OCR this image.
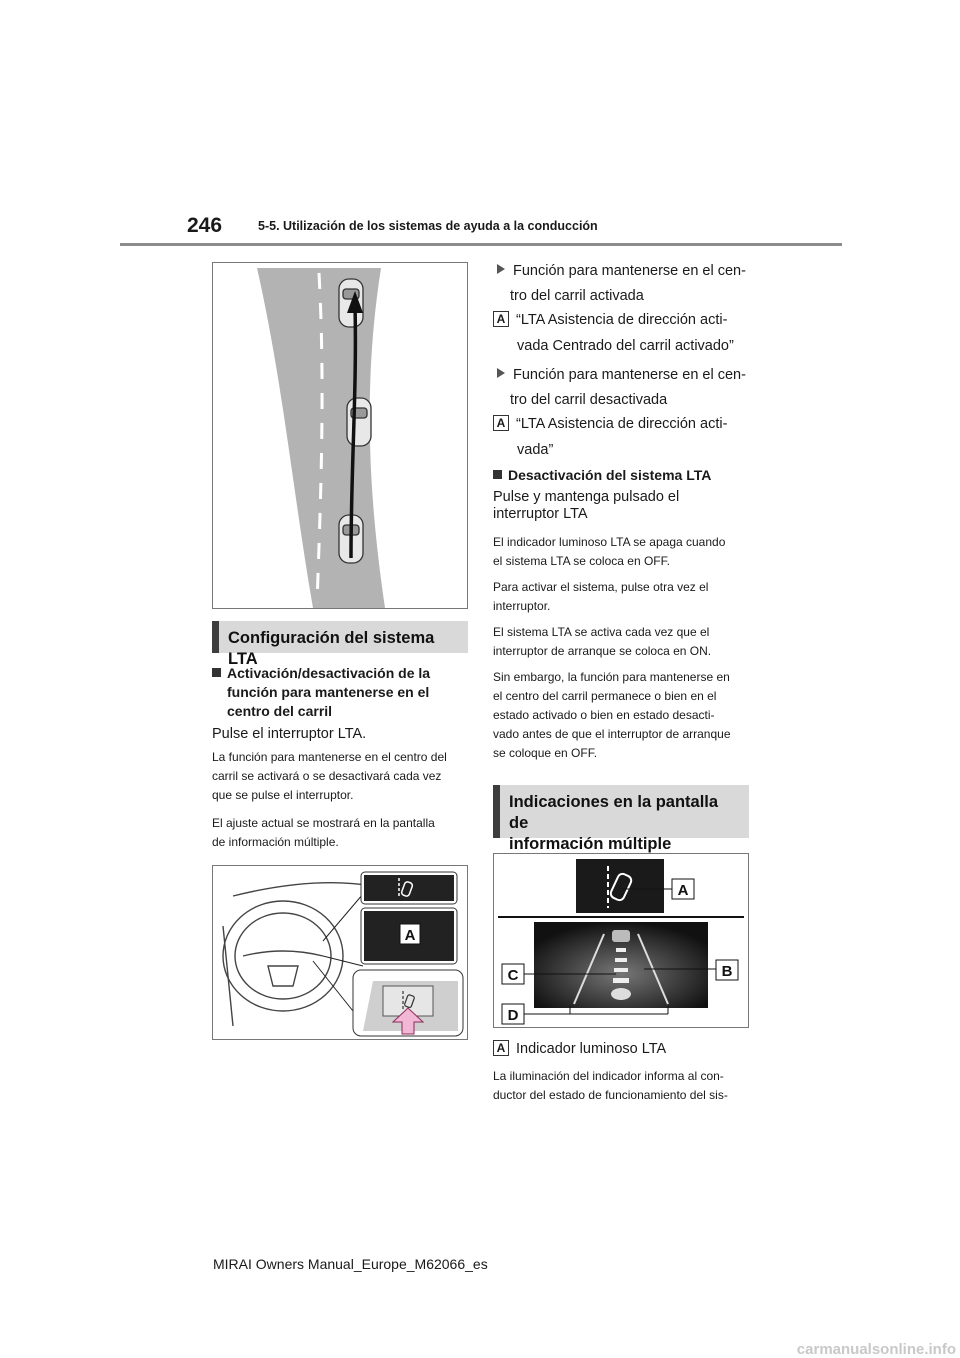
246	5-5. Utilización de los sistemas de ayuda a la conducción
Configuración del sistema LTA
Activación/desactivación de la función para mantenerse en el centro del carril
Pulse el interruptor LTA.
La función para mantenerse en el centro del
carril se activará o se desactivará cada vez
que se pulse el interruptor.
El ajuste actual se mostrará en la pantalla
de información múltiple.
A
Función para mantenerse en el cen-
tro del carril activada
A “LTA Asistencia de dirección acti-
vada Centrado del carril activado”
Función para mantenerse en el cen-
tro del carril desactivada
A “LTA Asistencia de dirección acti-
vada”
Desactivación del sistema LTA
Pulse y mantenga pulsado el
interruptor LTA
El indicador luminoso LTA se apaga cuando
el sistema LTA se coloca en OFF.
Para activar el sistema, pulse otra vez el
interruptor.
El sistema LTA se activa cada vez que el
interruptor de arranque se coloca en ON.
Sin embargo, la función para mantenerse en
el centro del carril permanece o bien en el
estado activado o bien en estado desacti-
vado antes de que el interruptor de arranque
se coloque en OFF.
Indicaciones en la pantalla de
información múltiple
A
C	B
D
A Indicador luminoso LTA
La iluminación del indicador informa al con-
ductor del estado de funcionamiento del sis-
MIRAI Owners Manual_Europe_M62066_es
carmanualsonline.info
